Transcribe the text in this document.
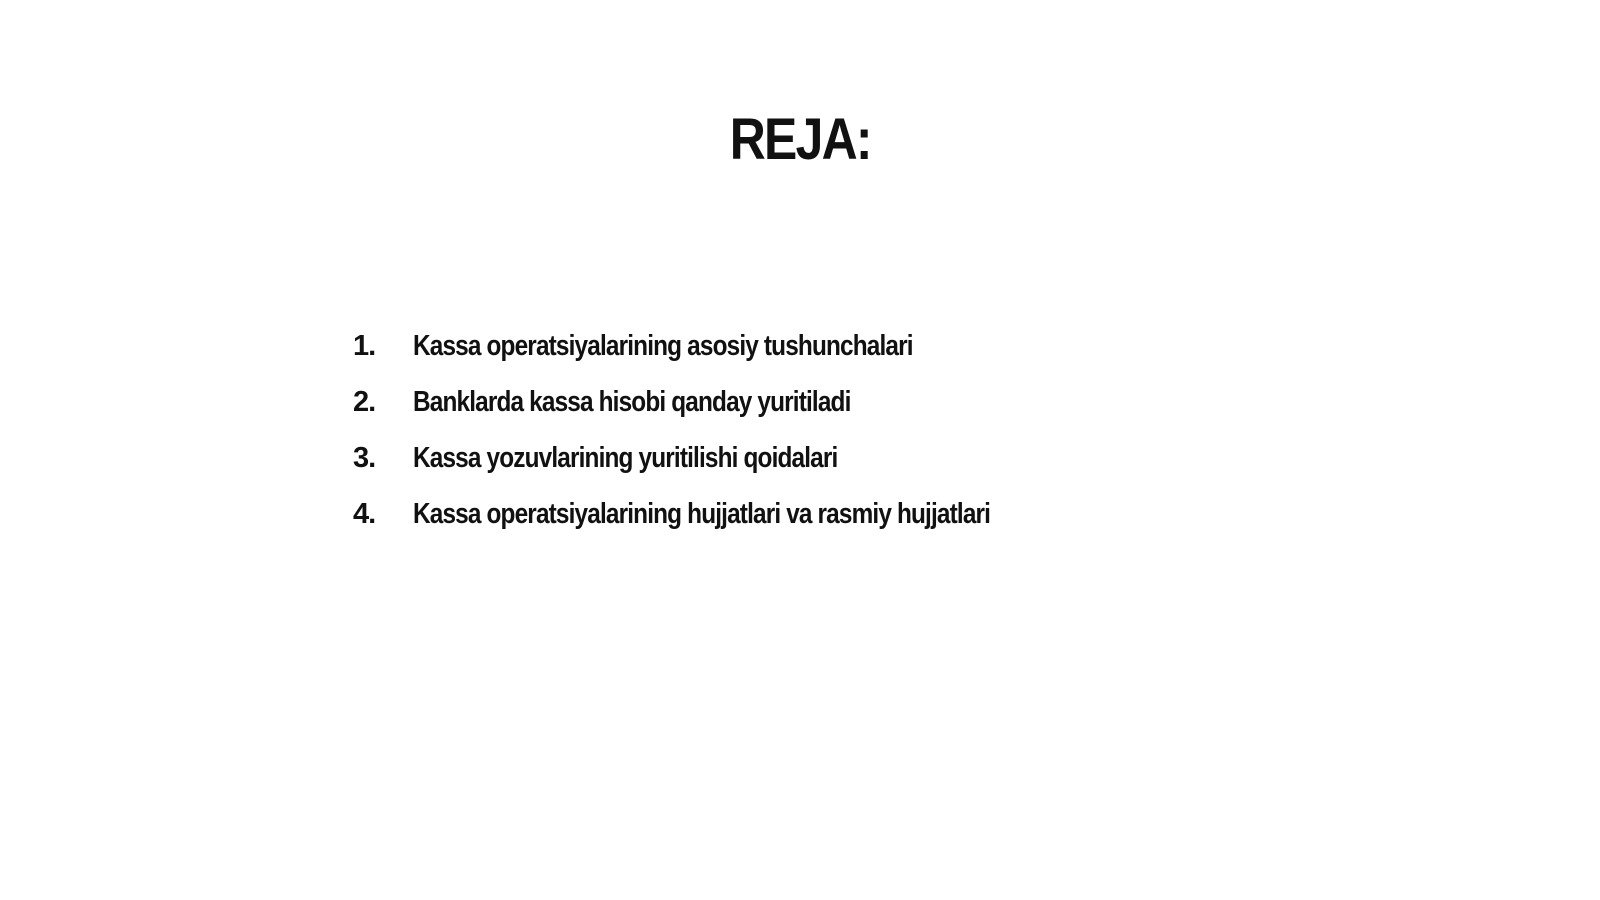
REJA:
1.	Kassa operatsiyalarining asosiy tushunchalari
2.	Banklarda kassa hisobi qanday yuritiladi
3.	Kassa yozuvlarining yuritilishi qoidalari
4.	Kassa operatsiyalarining hujjatlari va rasmiy hujjatlari
